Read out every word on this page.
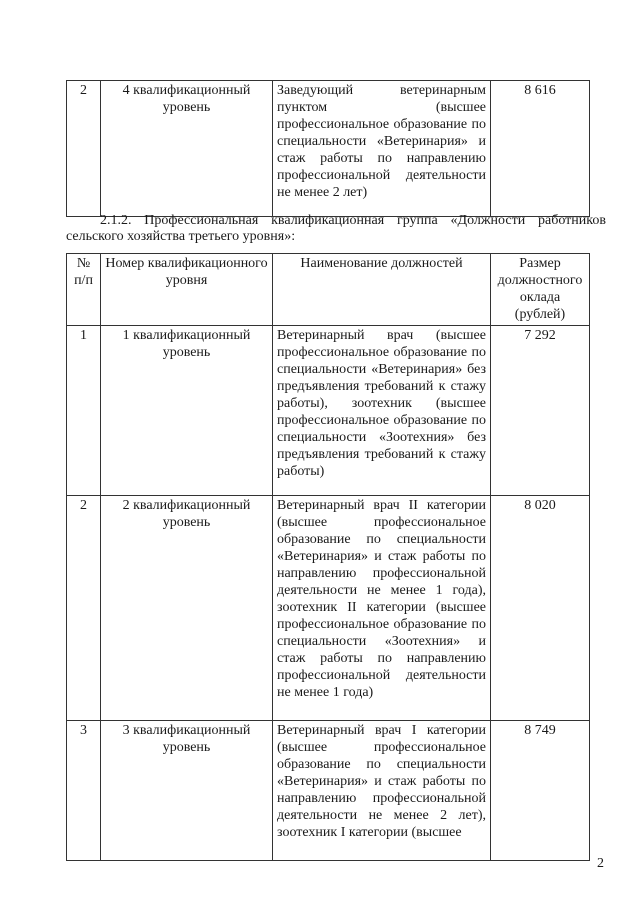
2	4 квалификационный уровень	Заведующий ветеринарным пунктом (высшее профессиональное образование по специальности «Ветеринария» и стаж работы по направлению профессиональной деятельности не менее 2 лет)	8 616
2.1.2. Профессиональная квалификационная группа «Должности работников сельского хозяйства третьего уровня»:
№ п/п	Номер квалификационного уровня	Наименование должностей	Размер должностного оклада (рублей)
1	1 квалификационный уровень	Ветеринарный врач (высшее профессиональное образование по специальности «Ветеринария» без предъявления требований к стажу работы), зоотехник (высшее профессиональное образование по специальности «Зоотехния» без предъявления требований к стажу работы)	7 292
2	2 квалификационный уровень	Ветеринарный врач II категории (высшее профессиональное образование по специальности «Ветеринария» и стаж работы по направлению профессиональной деятельности не менее 1 года), зоотехник II категории (высшее профессиональное образование по специальности «Зоотехния» и стаж работы по направлению профессиональной деятельности не менее 1 года)	8 020
3	3 квалификационный уровень	Ветеринарный врач I категории (высшее профессиональное образование по специальности «Ветеринария» и стаж работы по направлению профессиональной деятельности не менее 2 лет), зоотехник I категории (высшее	8 749
2
